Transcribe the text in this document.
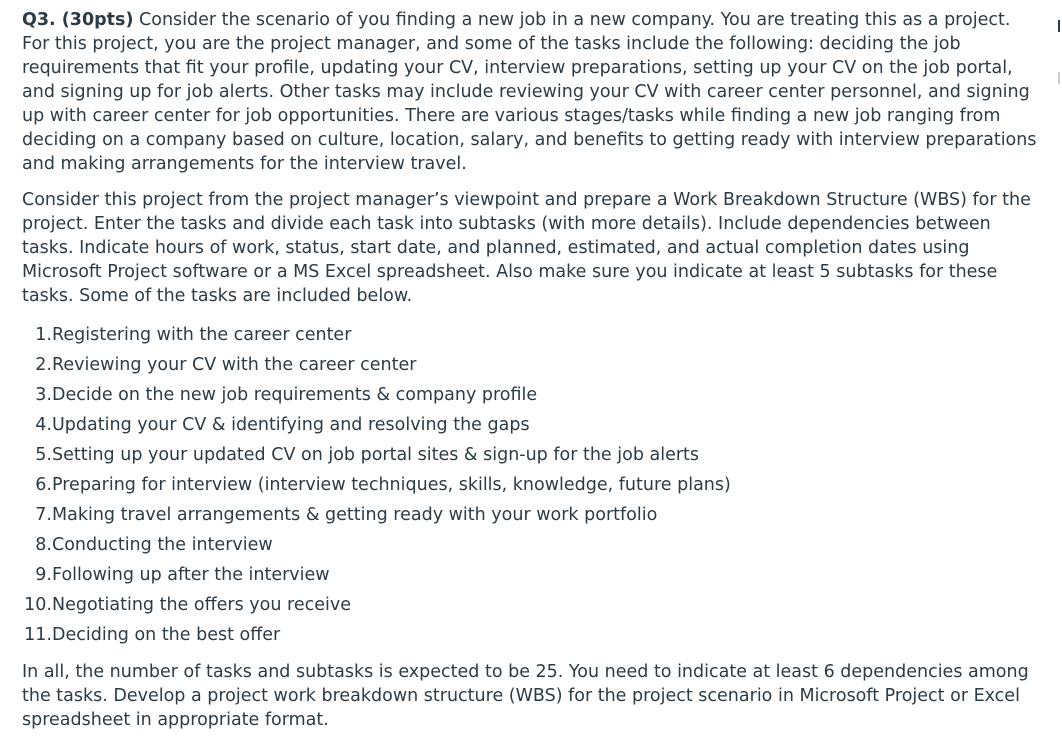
Q3. (30pts) Consider the scenario of you finding a new job in a new company. You are treating this as a project. For this project, you are the project manager, and some of the tasks include the following: deciding the job requirements that fit your profile, updating your CV, interview preparations, setting up your CV on the job portal, and signing up for job alerts. Other tasks may include reviewing your CV with career center personnel, and signing up with career center for job opportunities. There are various stages/tasks while finding a new job ranging from deciding on a company based on culture, location, salary, and benefits to getting ready with interview preparations and making arrangements for the interview travel.

Consider this project from the project manager’s viewpoint and prepare a Work Breakdown Structure (WBS) for the project. Enter the tasks and divide each task into subtasks (with more details). Include dependencies between tasks. Indicate hours of work, status, start date, and planned, estimated, and actual completion dates using Microsoft Project software or a MS Excel spreadsheet. Also make sure you indicate at least 5 subtasks for these tasks. Some of the tasks are included below.

1. Registering with the career center
2. Reviewing your CV with the career center
3. Decide on the new job requirements & company profile
4. Updating your CV & identifying and resolving the gaps
5. Setting up your updated CV on job portal sites & sign-up for the job alerts
6. Preparing for interview (interview techniques, skills, knowledge, future plans)
7. Making travel arrangements & getting ready with your work portfolio
8. Conducting the interview
9. Following up after the interview
10. Negotiating the offers you receive
11. Deciding on the best offer

In all, the number of tasks and subtasks is expected to be 25. You need to indicate at least 6 dependencies among the tasks. Develop a project work breakdown structure (WBS) for the project scenario in Microsoft Project or Excel spreadsheet in appropriate format.
